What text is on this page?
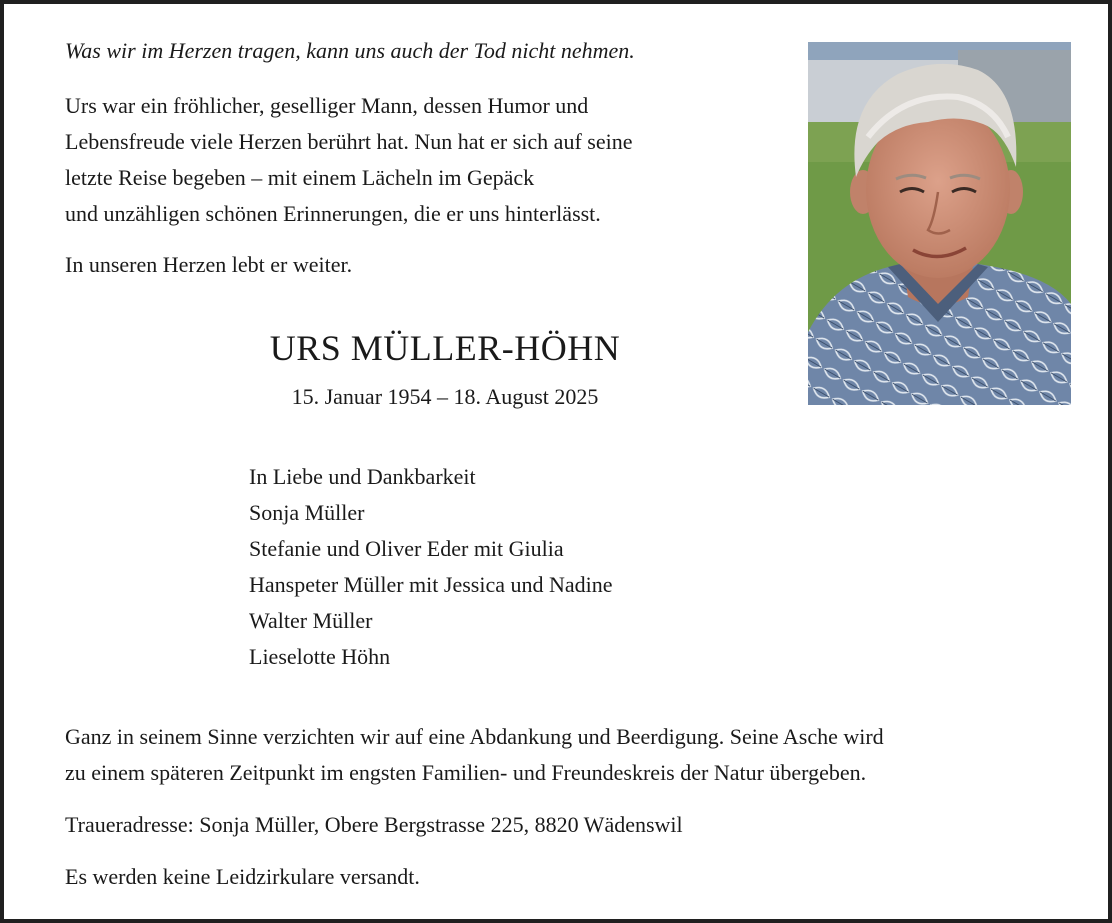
Was wir im Herzen tragen, kann uns auch der Tod nicht nehmen.
Urs war ein fröhlicher, geselliger Mann, dessen Humor und
Lebensfreude viele Herzen berührt hat. Nun hat er sich auf seine
letzte Reise begeben – mit einem Lächeln im Gepäck
und unzähligen schönen Erinnerungen, die er uns hinterlässt.
In unseren Herzen lebt er weiter.
URS MÜLLER-HÖHN
15. Januar 1954 – 18. August 2025
In Liebe und Dankbarkeit
Sonja Müller
Stefanie und Oliver Eder mit Giulia
Hanspeter Müller mit Jessica und Nadine
Walter Müller
Lieselotte Höhn
Ganz in seinem Sinne verzichten wir auf eine Abdankung und Beerdigung. Seine Asche wird
zu einem späteren Zeitpunkt im engsten Familien- und Freundeskreis der Natur übergeben.
Traueradresse: Sonja Müller, Obere Bergstrasse 225, 8820 Wädenswil
Es werden keine Leidzirkulare versandt.
